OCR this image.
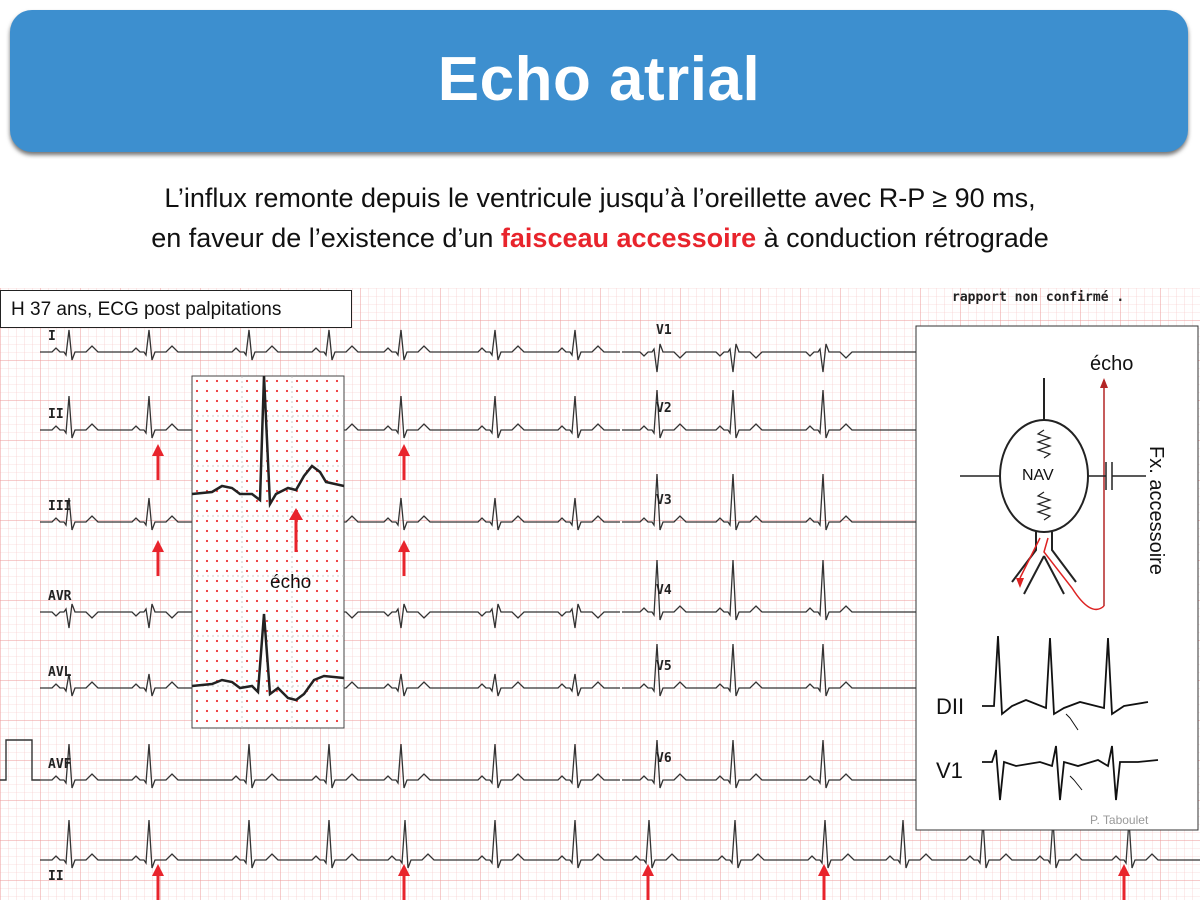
Echo atrial
L’influx remonte depuis le ventricule jusqu’à l’oreillette avec R-P ≥ 90 ms,
en faveur de l’existence d’un faisceau accessoire à conduction rétrograde
I
II
III
AVR
AVL
AVF
V1
V2
V3
V4
V5
V6
II
écho
écho
NAV	Fx. accessoire
DII
V1
P. Taboulet
H 37 ans, ECG post palpitations
rapport non confirmé .
